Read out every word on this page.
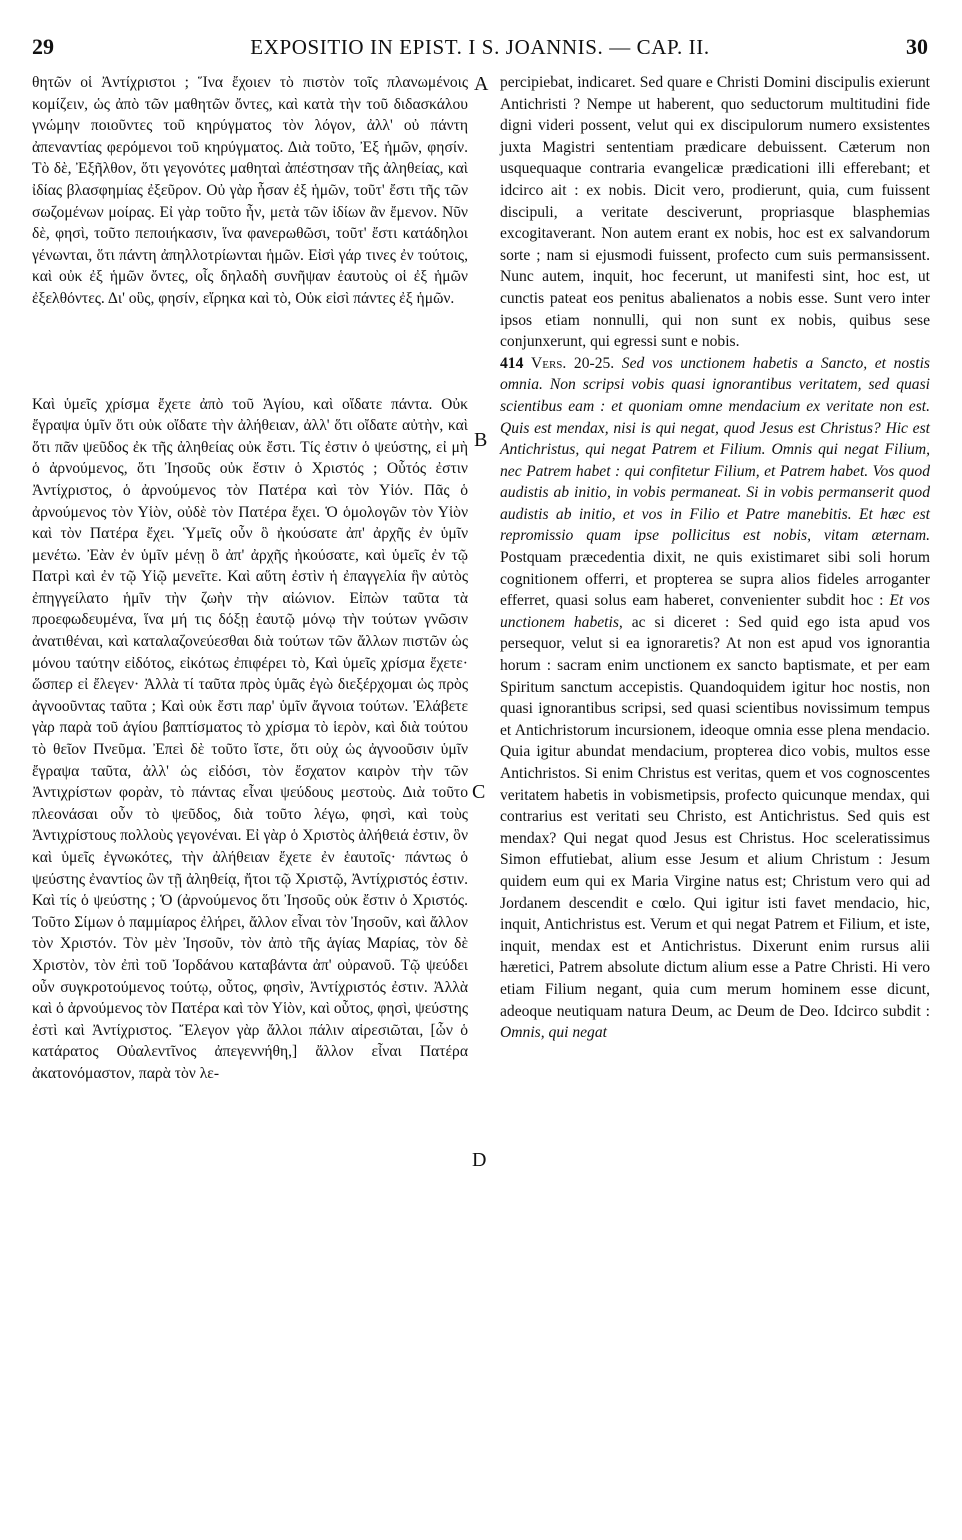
29	EXPOSITIO IN EPIST. I S. JOANNIS. — CAP. II.	30
A
B
C
D

θητῶν οἱ Ἀντίχριστοι ; Ἵνα ἔχοιεν τὸ πιστὸν τοῖς πλανωμένοις κομίζειν, ὡς ἀπὸ τῶν μαθητῶν ὄντες, καὶ κατὰ τὴν τοῦ διδασκάλου γνώμην ποιοῦντες τοῦ κηρύγματος τὸν λόγον, ἀλλ' οὐ πάντη ἀπεναντίας φερόμενοι τοῦ κηρύγματος. Διὰ τοῦτο, Ἐξ ἡμῶν, φησίν. Τὸ δὲ, Ἐξῆλθον, ὅτι γεγονότες μαθηταὶ ἀπέστησαν τῆς ἀληθείας, καὶ ἰδίας βλασφημίας ἐξεῦρον. Οὐ γὰρ ἦσαν ἐξ ἡμῶν, τοῦτ' ἔστι τῆς τῶν σωζομένων μοίρας. Εἰ γὰρ τοῦτο ἦν, μετὰ τῶν ἰδίων ἂν ἔμενον. Νῦν δὲ, φησὶ, τοῦτο πεποιήκασιν, ἵνα φανερωθῶσι, τοῦτ' ἔστι κατάδηλοι γένωνται, ὅτι πάντη ἀπηλλοτρίωνται ἡμῶν. Εἰσὶ γάρ τινες ἐν τούτοις, καὶ οὐκ ἐξ ἡμῶν ὄντες, οἷς δηλαδὴ συνῆψαν ἑαυτοὺς οἱ ἐξ ἡμῶν ἐξελθόντες. Δι' οὓς, φησίν, εἴρηκα καὶ τὸ, Οὐκ εἰσὶ πάντες ἐξ ἡμῶν.

Καὶ ὑμεῖς χρίσμα ἔχετε ἀπὸ τοῦ Ἁγίου, καὶ οἴδατε πάντα. Οὐκ ἔγραψα ὑμῖν ὅτι οὐκ οἴδατε τὴν ἀλήθειαν, ἀλλ' ὅτι οἴδατε αὐτὴν, καὶ ὅτι πᾶν ψεῦδος ἐκ τῆς ἀληθείας οὐκ ἔστι. Τίς ἐστιν ὁ ψεύστης, εἰ μὴ ὁ ἀρνούμενος, ὅτι Ἰησοῦς οὐκ ἔστιν ὁ Χριστός ; Οὗτός ἐστιν Ἀντίχριστος, ὁ ἀρνούμενος τὸν Πατέρα καὶ τὸν Υἱόν. Πᾶς ὁ ἀρνούμενος τὸν Υἱὸν, οὐδὲ τὸν Πατέρα ἔχει. Ὁ ὁμολογῶν τὸν Υἱὸν καὶ τὸν Πατέρα ἔχει. Ὑμεῖς οὖν ὃ ἠκούσατε ἀπ' ἀρχῆς ἐν ὑμῖν μενέτω. Ἐὰν ἐν ὑμῖν μένῃ ὃ ἀπ' ἀρχῆς ἠκούσατε, καὶ ὑμεῖς ἐν τῷ Πατρὶ καὶ ἐν τῷ Υἱῷ μενεῖτε. Καὶ αὕτη ἐστὶν ἡ ἐπαγγελία ἣν αὐτὸς ἐπηγγείλατο ἡμῖν τὴν ζωὴν τὴν αἰώνιον. Εἰπὼν ταῦτα τὰ προεφωδευμένα, ἵνα μή τις δόξῃ ἑαυτῷ μόνῳ τὴν τούτων γνῶσιν ἀνατιθέναι, καὶ καταλαζονεύεσθαι διὰ τούτων τῶν ἄλλων πιστῶν ὡς μόνου ταύτην εἰδότος, εἰκότως ἐπιφέρει τὸ, Καὶ ὑμεῖς χρίσμα ἔχετε· ὥσπερ εἰ ἔλεγεν· Ἀλλὰ τί ταῦτα πρὸς ὑμᾶς ἐγὼ διεξέρχομαι ὡς πρὸς ἀγνοοῦντας ταῦτα ; Καὶ οὐκ ἔστι παρ' ὑμῖν ἄγνοια τούτων. Ἐλάβετε γὰρ παρὰ τοῦ ἁγίου βαπτίσματος τὸ χρίσμα τὸ ἱερὸν, καὶ διὰ τούτου τὸ θεῖον Πνεῦμα. Ἐπεὶ δὲ τοῦτο ἴστε, ὅτι οὐχ ὡς ἀγνοοῦσιν ὑμῖν ἔγραψα ταῦτα, ἀλλ' ὡς εἰδόσι, τὸν ἔσχατον καιρὸν τὴν τῶν Ἀντιχρίστων φορὰν, τὸ πάντας εἶναι ψεύδους μεστοὺς. Διὰ τοῦτο πλεονάσαι οὖν τὸ ψεῦδος, διὰ τοῦτο λέγω, φησὶ, καὶ τοὺς Ἀντιχρίστους πολλοὺς γεγονέναι. Εἰ γὰρ ὁ Χριστὸς ἀλήθειά ἐστιν, ὃν καὶ ὑμεῖς ἐγνωκότες, τὴν ἀλήθειαν ἔχετε ἐν ἑαυτοῖς· πάντως ὁ ψεύστης ἐναντίος ὢν τῇ ἀληθείᾳ, ἤτοι τῷ Χριστῷ, Ἀντίχριστός ἐστιν. Καὶ τίς ὁ ψεύστης ; Ὁ (ἀρνούμενος ὅτι Ἰησοῦς οὐκ ἔστιν ὁ Χριστός. Τοῦτο Σίμων ὁ παμμίαρος ἐλήρει, ἄλλον εἶναι τὸν Ἰησοῦν, καὶ ἄλλον τὸν Χριστόν. Τὸν μὲν Ἰησοῦν, τὸν ἀπὸ τῆς ἁγίας Μαρίας, τὸν δὲ Χριστὸν, τὸν ἐπὶ τοῦ Ἰορδάνου καταβάντα ἀπ' οὐρανοῦ. Τῷ ψεύδει οὖν συγκροτούμενος τούτῳ, οὗτος, φησὶν, Ἀντίχριστός ἐστιν. Ἀλλὰ καὶ ὁ ἀρνούμενος τὸν Πατέρα καὶ τὸν Υἱὸν, καὶ οὗτος, φησὶ, ψεύστης ἐστὶ καὶ Ἀντίχριστος. Ἔλεγον γὰρ ἄλλοι πάλιν αἱρεσιῶται, [ὧν ὁ κατάρατος Οὐαλεντῖνος ἀπεγεννήθη,] ἄλλον εἶναι Πατέρα ἀκατονόμαστον, παρὰ τὸν λε-

percipiebat, indicaret. Sed quare e Christi Domini discipulis exierunt Antichristi ? Nempe ut haberent, quo seductorum multitudini fide digni videri possent, velut qui ex discipulorum numero exsistentes juxta Magistri sententiam prædicare debuissent. Cæterum non usquequaque contraria evangelicæ prædicationi illi efferebant; et idcirco ait : ex nobis. Dicit vero, prodierunt, quia, cum fuissent discipuli, a veritate desciverunt, propriasque blasphemias excogitaverant. Non autem erant ex nobis, hoc est ex salvandorum sorte ; nam si ejusmodi fuissent, profecto cum suis permansissent. Nunc autem, inquit, hoc fecerunt, ut manifesti sint, hoc est, ut cunctis pateat eos penitus abalienatos a nobis esse. Sunt vero inter ipsos etiam nonnulli, qui non sunt ex nobis, quibus sese conjunxerunt, qui egressi sunt e nobis.

414 Vers. 20-25. Sed vos unctionem habetis a Sancto, et nostis omnia. Non scripsi vobis quasi ignorantibus veritatem, sed quasi scientibus eam : et quoniam omne mendacium ex veritate non est. Quis est mendax, nisi is qui negat, quod Jesus est Christus? Hic est Antichristus, qui negat Patrem et Filium. Omnis qui negat Filium, nec Patrem habet : qui confitetur Filium, et Patrem habet. Vos quod audistis ab initio, in vobis permaneat. Si in vobis permanserit quod audistis ab initio, et vos in Filio et Patre manebitis. Et hæc est repromissio quam ipse pollicitus est nobis, vitam æternam. Postquam præcedentia dixit, ne quis existimaret sibi soli horum cognitionem offerri, et propterea se supra alios fideles arroganter efferret, quasi solus eam haberet, convenienter subdit hoc : Et vos unctionem habetis, ac si diceret : Sed quid ego ista apud vos persequor, velut si ea ignoraretis? At non est apud vos ignorantia horum : sacram enim unctionem ex sancto baptismate, et per eam Spiritum sanctum accepistis. Quandoquidem igitur hoc nostis, non quasi ignorantibus scripsi, sed quasi scientibus novissimum tempus et Antichristorum incursionem, ideoque omnia esse plena mendacio. Quia igitur abundat mendacium, propterea dico vobis, multos esse Antichristos. Si enim Christus est veritas, quem et vos cognoscentes veritatem habetis in vobismetipsis, profecto quicunque mendax, qui contrarius est veritati seu Christo, est Antichristus. Sed quis est mendax? Qui negat quod Jesus est Christus. Hoc sceleratissimus Simon effutiebat, alium esse Jesum et alium Christum : Jesum quidem eum qui ex Maria Virgine natus est; Christum vero qui ad Jordanem descendit e cœlo. Qui igitur isti favet mendacio, hic, inquit, Antichristus est. Verum et qui negat Patrem et Filium, et iste, inquit, mendax est et Antichristus. Dixerunt enim rursus alii hæretici, Patrem absolute dictum alium esse a Patre Christi. Hi vero etiam Filium negant, quia cum merum hominem esse dicunt, adeoque neutiquam natura Deum, ac Deum de Deo. Idcirco subdit : Omnis, qui negat
